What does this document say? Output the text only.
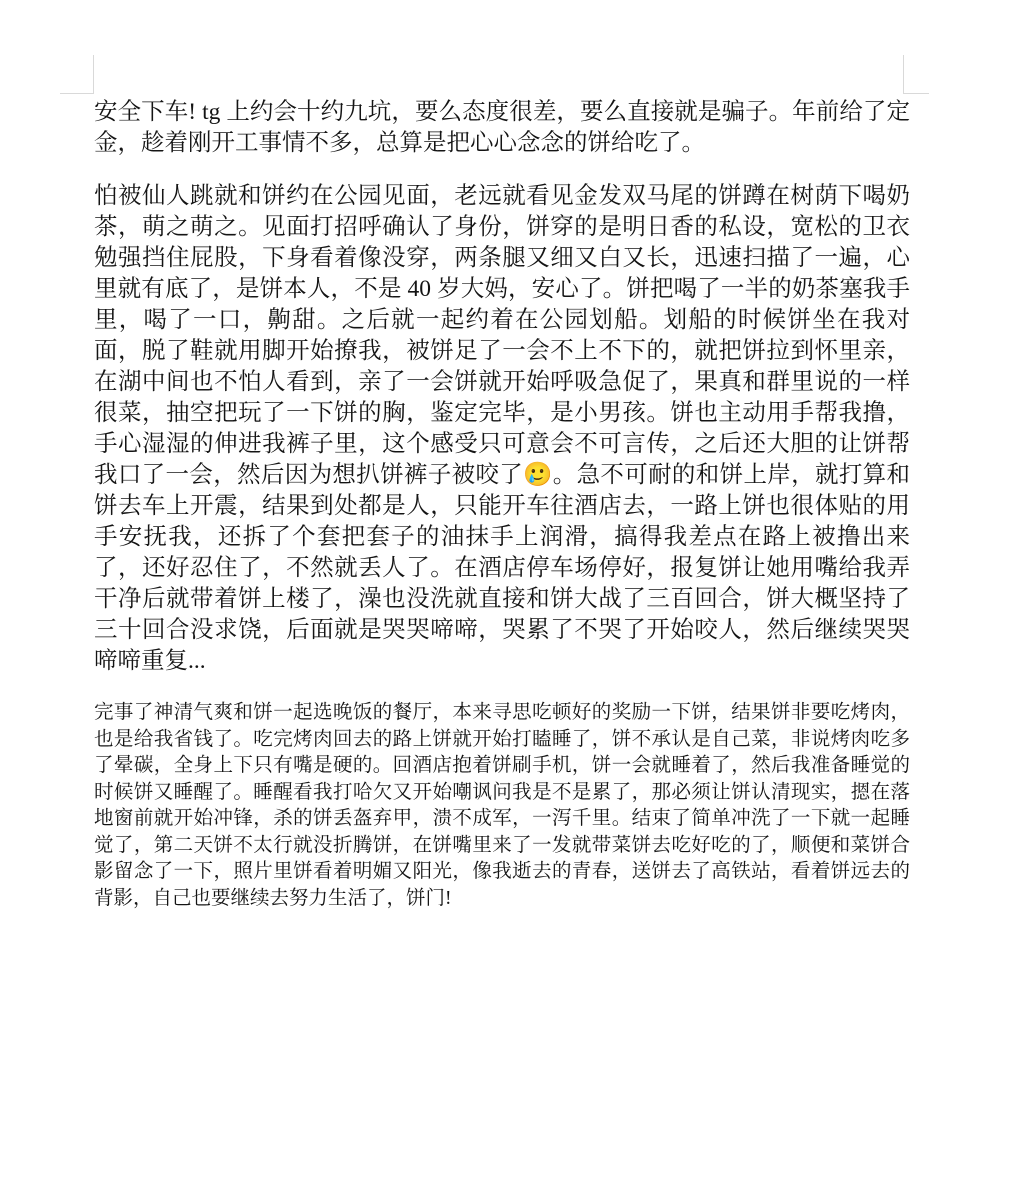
安全下车! tg 上约会十约九坑，要么态度很差，要么直接就是骗子。年前给了定金，趁着刚开工事情不多，总算是把心心念念的饼给吃了。

怕被仙人跳就和饼约在公园见面，老远就看见金发双马尾的饼蹲在树荫下喝奶茶，萌之萌之。见面打招呼确认了身份，饼穿的是明日香的私设，宽松的卫衣勉强挡住屁股，下身看着像没穿，两条腿又细又白又长，迅速扫描了一遍，心里就有底了，是饼本人，不是 40 岁大妈，安心了。饼把喝了一半的奶茶塞我手里，喝了一口，齁甜。之后就一起约着在公园划船。划船的时候饼坐在我对面，脱了鞋就用脚开始撩我，被饼足了一会不上不下的，就把饼拉到怀里亲，在湖中间也不怕人看到，亲了一会饼就开始呼吸急促了，果真和群里说的一样很菜，抽空把玩了一下饼的胸，鉴定完毕，是小男孩。饼也主动用手帮我撸，手心湿湿的伸进我裤子里，这个感受只可意会不可言传，之后还大胆的让饼帮我口了一会，然后因为想扒饼裤子被咬了🥲。急不可耐的和饼上岸，就打算和饼去车上开震，结果到处都是人，只能开车往酒店去，一路上饼也很体贴的用手安抚我，还拆了个套把套子的油抹手上润滑，搞得我差点在路上被撸出来了，还好忍住了，不然就丢人了。在酒店停车场停好，报复饼让她用嘴给我弄干净后就带着饼上楼了，澡也没洗就直接和饼大战了三百回合，饼大概坚持了三十回合没求饶，后面就是哭哭啼啼，哭累了不哭了开始咬人，然后继续哭哭啼啼重复...

完事了神清气爽和饼一起选晚饭的餐厅，本来寻思吃顿好的奖励一下饼，结果饼非要吃烤肉，也是给我省钱了。吃完烤肉回去的路上饼就开始打瞌睡了，饼不承认是自己菜，非说烤肉吃多了晕碳，全身上下只有嘴是硬的。回酒店抱着饼刷手机，饼一会就睡着了，然后我准备睡觉的时候饼又睡醒了。睡醒看我打哈欠又开始嘲讽问我是不是累了，那必须让饼认清现实，摁在落地窗前就开始冲锋，杀的饼丢盔弃甲，溃不成军，一泻千里。结束了简单冲洗了一下就一起睡觉了，第二天饼不太行就没折腾饼，在饼嘴里来了一发就带菜饼去吃好吃的了，顺便和菜饼合影留念了一下，照片里饼看着明媚又阳光，像我逝去的青春，送饼去了高铁站，看着饼远去的背影，自己也要继续去努力生活了，饼门!
